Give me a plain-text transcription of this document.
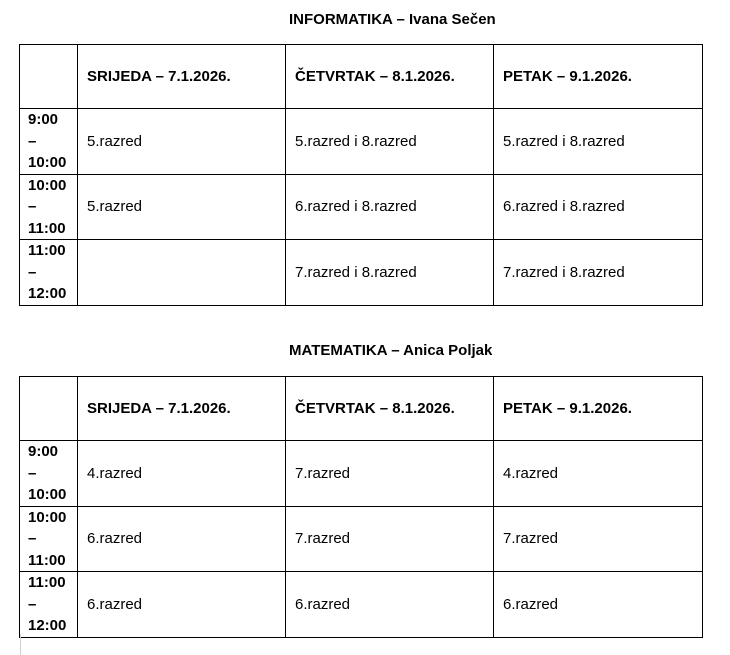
INFORMATIKA – Ivana Sečen
	SRIJEDA – 7.1.2026.	ČETVRTAK – 8.1.2026.	PETAK – 9.1.2026.

9:00
–
10:00	5.razred	5.razred i 8.razred	5.razred i 8.razred

10:00
–
11:00	5.razred	6.razred i 8.razred	6.razred i 8.razred

11:00
–
12:00		7.razred i 8.razred	7.razred i 8.razred
MATEMATIKA – Anica Poljak
	SRIJEDA – 7.1.2026.	ČETVRTAK – 8.1.2026.	PETAK – 9.1.2026.

9:00
–
10:00	4.razred	7.razred	4.razred

10:00
–
11:00	6.razred	7.razred	7.razred

11:00
–
12:00	6.razred	6.razred	6.razred
